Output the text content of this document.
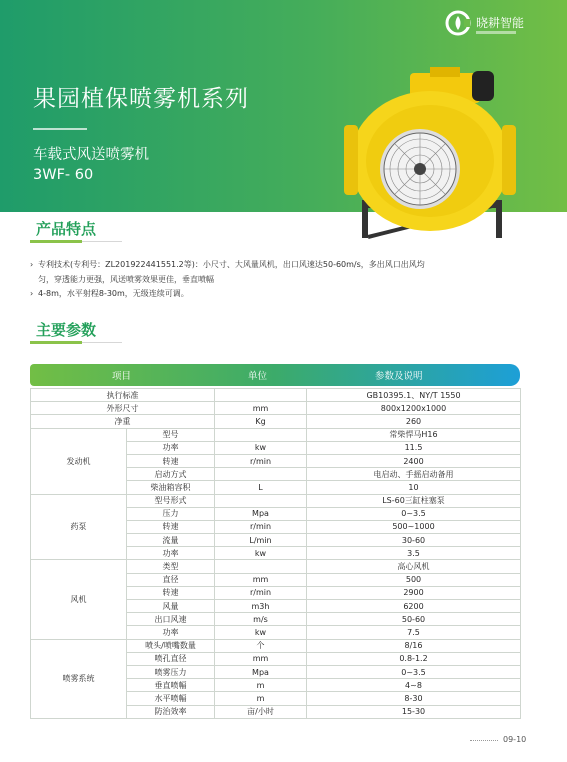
晓耕智能
果园植保喷雾机系列
车载式风送喷雾机
3WF- 60
产品特点
› 专利技术(专利号：ZL201922441551.2等)：小尺寸、大风量风机，出口风速达50-60m/s，多出风口出风均匀，穿透能力更强，风送喷雾效果更佳，垂直喷幅
› 4-8m，水平射程8-30m，无级连续可调。
主要参数
项目	单位	参数及说明
执行标准			GB10395.1、NY/T 1550
外形尺寸		mm	800x1200x1000
净重		Kg	260
发动机	型号		常柴悍马H16
	功率	kw	11.5
	转速	r/min	2400
	启动方式		电启动、手摇启动备用
	柴油箱容积	L	10
药泵	型号形式		LS-60三缸柱塞泵
	压力	Mpa	0~3.5
	转速	r/min	500~1000
	流量	L/min	30-60
	功率	kw	3.5
风机	类型		高心风机
	直径	mm	500
	转速	r/min	2900
	风量	m3h	6200
	出口风速	m/s	50-60
	功率	kw	7.5
喷雾系统	喷头/喷嘴数量	个	8/16
	喷孔直径	mm	0.8-1.2
	喷雾压力	Mpa	0~3.5
	垂直喷幅	m	4~8
	水平喷幅	m	8-30
	防治效率	亩/小时	15-30
09-10
